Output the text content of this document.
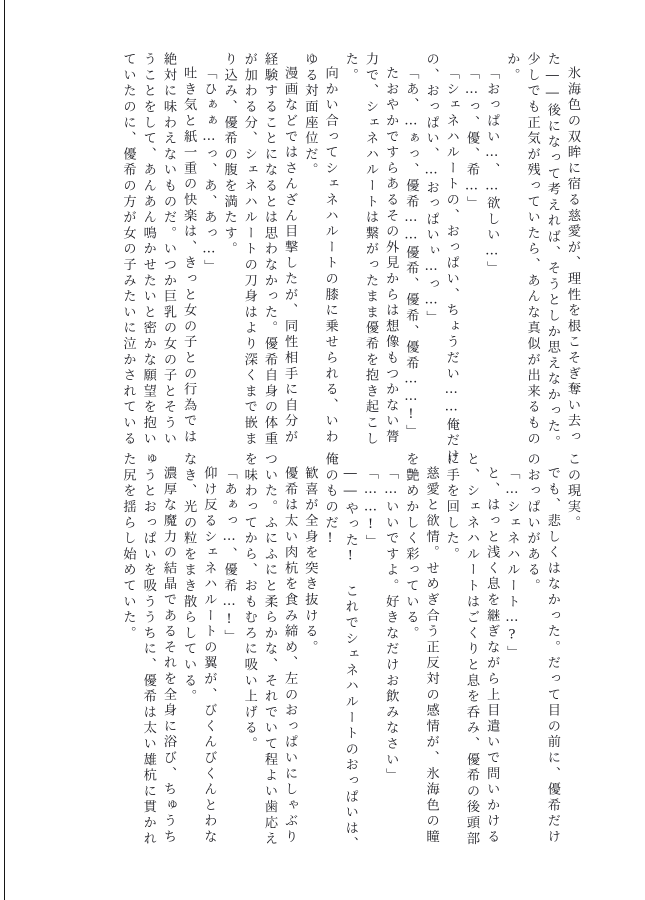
氷海色の双眸に宿る慈愛が、理性を根こそぎ奪い去っ
た――後になって考えれば、そうとしか思えなかった。
少しでも正気が残っていたら、あんな真似が出来るもの
か。
「おっぱい…、…欲しい…」
「…っ、優、希…」
「シェネハルートの、おっぱい、ちょうだい……俺だけ
の、おっぱい、…おっぱいぃ…っ…」
「あ、…ぁっ、優希……優希、優希、優希……!」
たおやかですらあるその外見からは想像もつかない膂
力で、シェネハルートは繋がったまま優希を抱き起こし
た。
向かい合ってシェネハルートの膝に乗せられる、いわ
ゆる対面座位だ。
漫画などではさんざん目撃したが、同性相手に自分が
経験することになるとは思わなかった。優希自身の体重
が加わる分、シェネハルートの刀身はより深くまで嵌ま
り込み、優希の腹を満たす。
「ひぁぁ…っ、あ、あっ…」
吐き気と紙一重の快楽は、きっと女の子との行為では
絶対に味わえないものだ。いつか巨乳の女の子とそうい
うことをして、あんあん鳴かせたいと密かな願望を抱い
ていたのに、優希の方が女の子みたいに泣かされている
この現実。
でも、悲しくはなかった。だって目の前に、優希だけ
のおっぱいがある。
「…シェネハルート…?」
と、はっと浅く息を継ぎながら上目遣いで問いかける
と、シェネハルートはごくりと息を呑み、優希の後頭部
に手を回した。
慈愛と欲情。せめぎ合う正反対の感情が、氷海色の瞳
を艶めかしく彩っている。
「…いいですよ。好きなだけお飲みなさい」
「……!」
――やった! これでシェネハルートのおっぱいは、
俺のものだ!
歓喜が全身を突き抜ける。
優希は太い肉杭を食み締め、左のおっぱいにしゃぶり
ついた。ふにふにと柔らかな、それでいて程よい歯応え
を味わってから、おもむろに吸い上げる。
「あぁっ…、優希…!」
仰け反るシェネハルートの翼が、びくんびくんとわな
なき、光の粒をまき散らしている。
濃厚な魔力の結晶であるそれを全身に浴び、ちゅうち
ゅうとおっぱいを吸ううちに、優希は太い雄杭に貫かれ
た尻を揺らし始めていた。
